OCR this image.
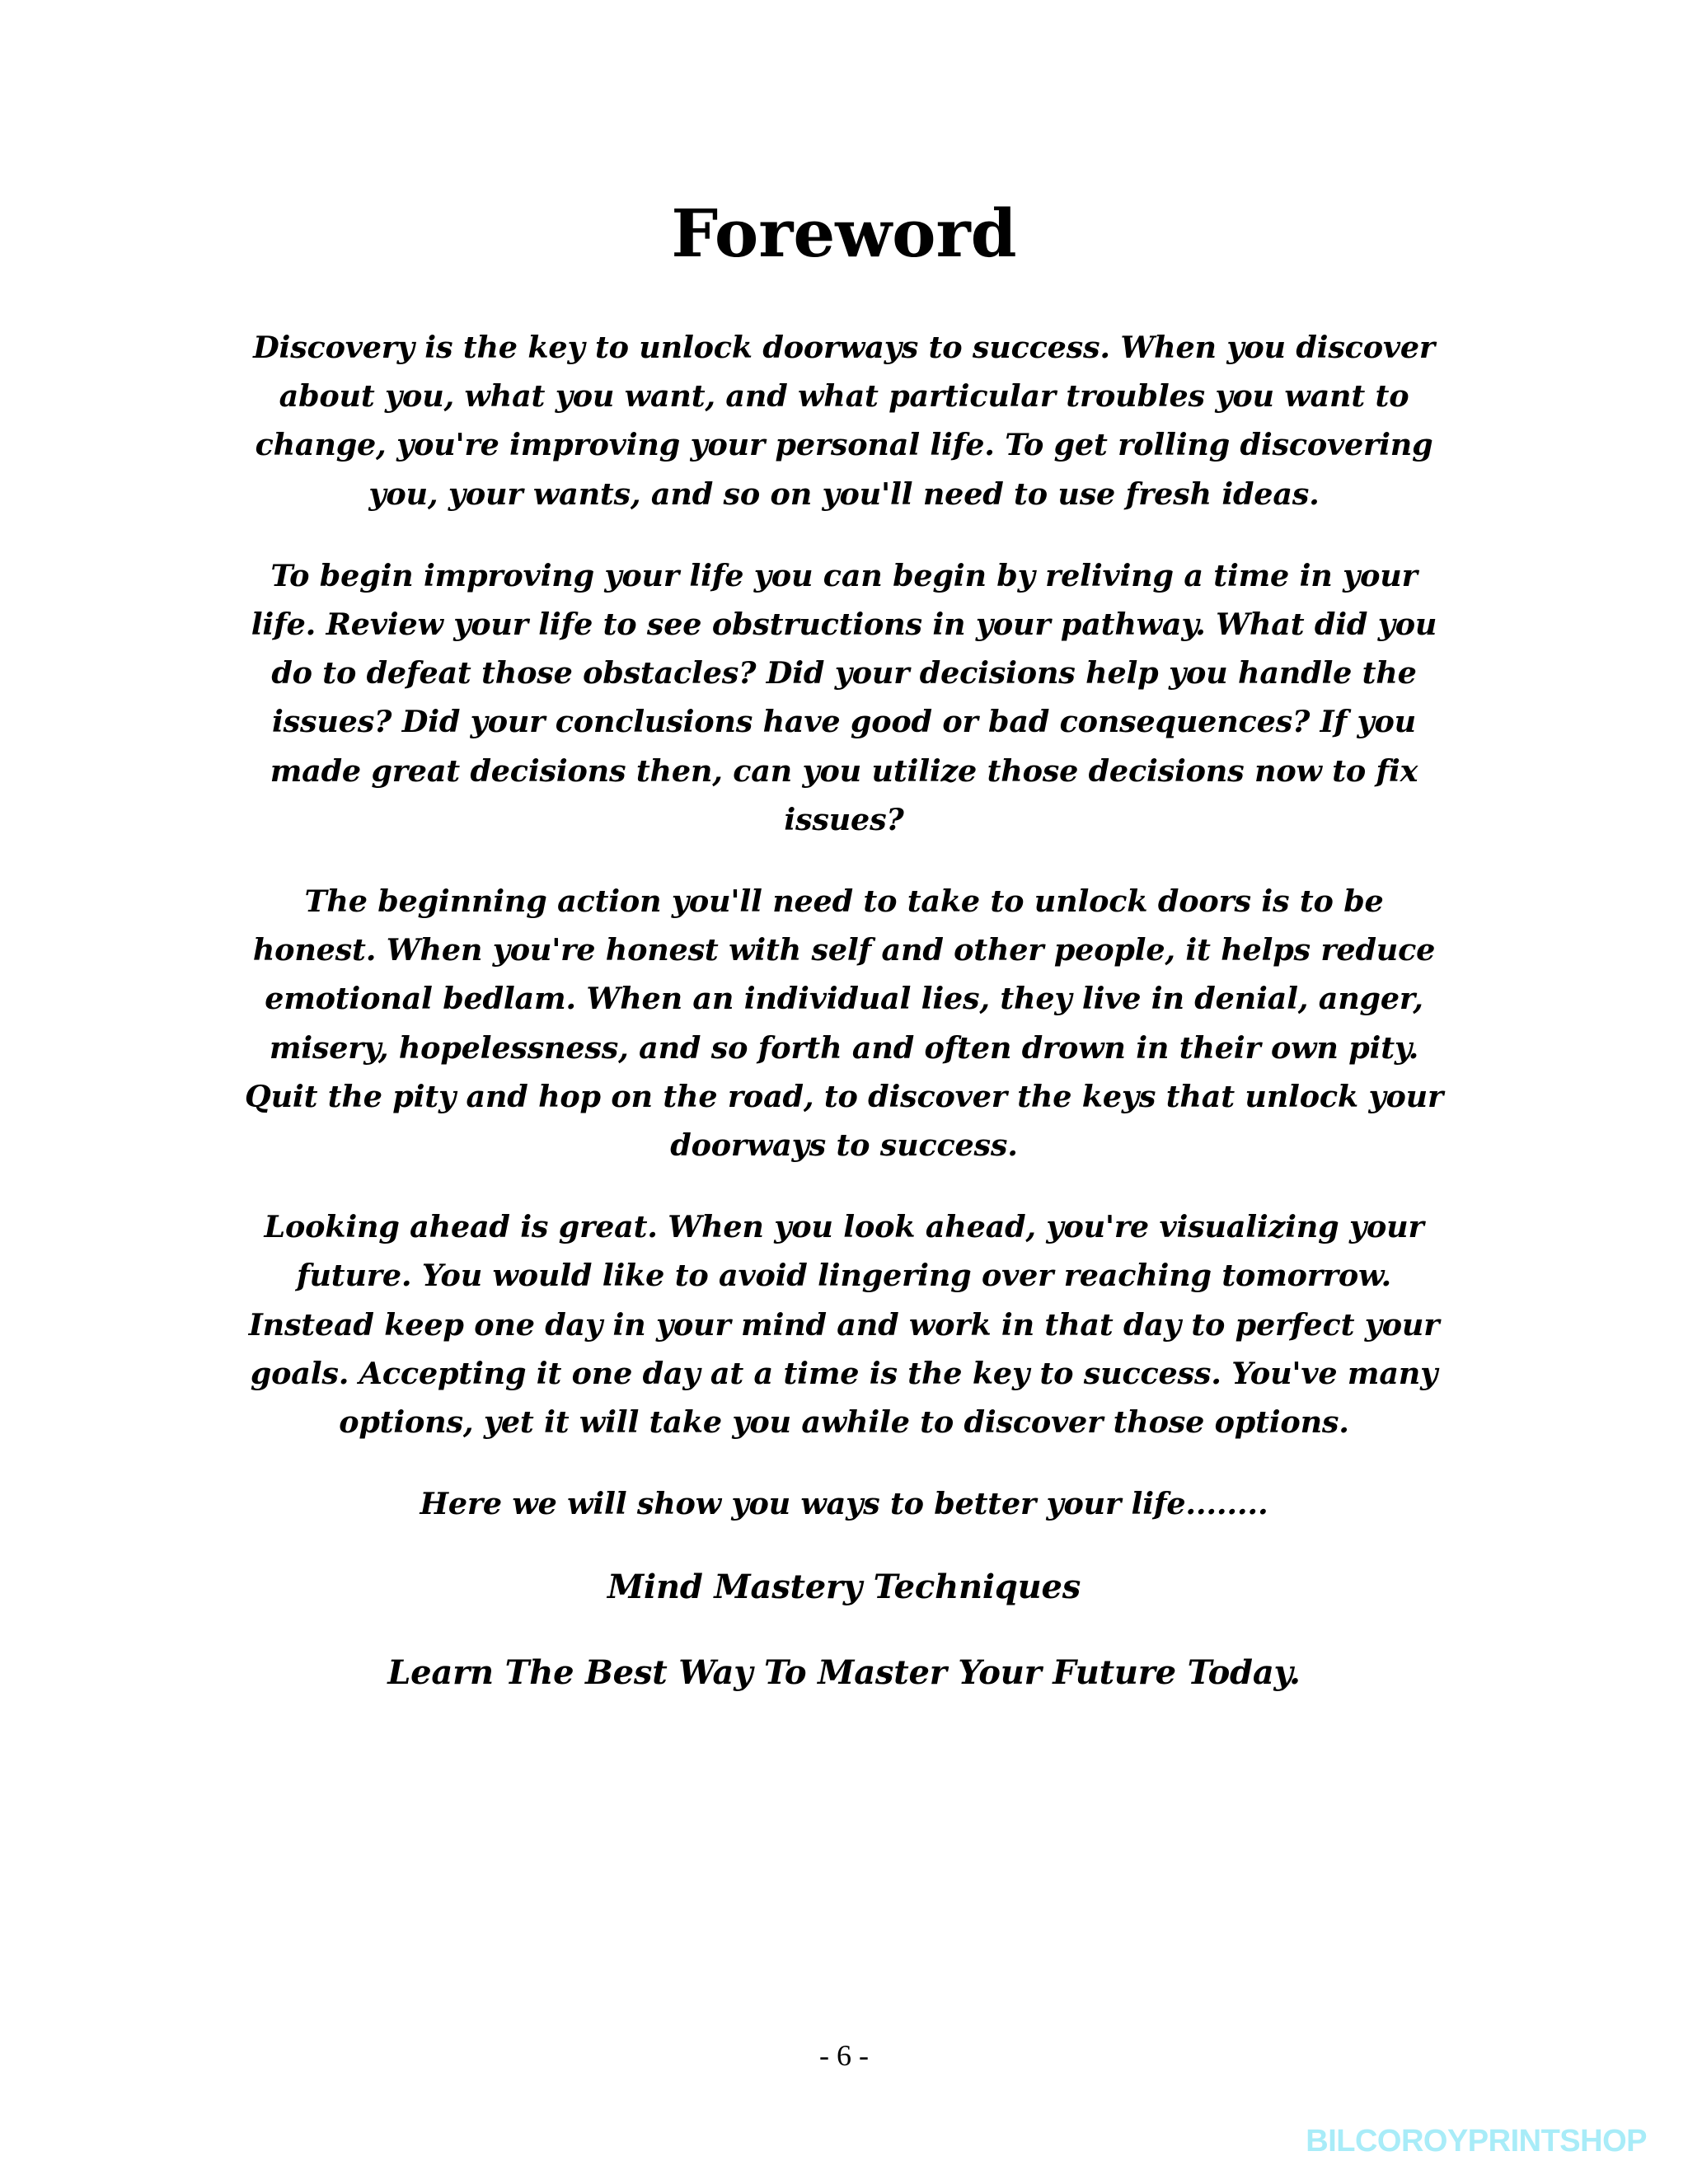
Foreword

Discovery is the key to unlock doorways to success. When you discover about you, what you want, and what particular troubles you want to change, you're improving your personal life. To get rolling discovering you, your wants, and so on you'll need to use fresh ideas.

To begin improving your life you can begin by reliving a time in your life. Review your life to see obstructions in your pathway. What did you do to defeat those obstacles? Did your decisions help you handle the issues? Did your conclusions have good or bad consequences? If you made great decisions then, can you utilize those decisions now to fix issues?

The beginning action you'll need to take to unlock doors is to be honest. When you're honest with self and other people, it helps reduce emotional bedlam. When an individual lies, they live in denial, anger, misery, hopelessness, and so forth and often drown in their own pity. Quit the pity and hop on the road, to discover the keys that unlock your doorways to success.

Looking ahead is great. When you look ahead, you're visualizing your future. You would like to avoid lingering over reaching tomorrow. Instead keep one day in your mind and work in that day to perfect your goals. Accepting it one day at a time is the key to success. You've many options, yet it will take you awhile to discover those options.

Here we will show you ways to better your life........

Mind Mastery Techniques

Learn The Best Way To Master Your Future Today.

- 6 -
BILCOROYPRINTSHOP
